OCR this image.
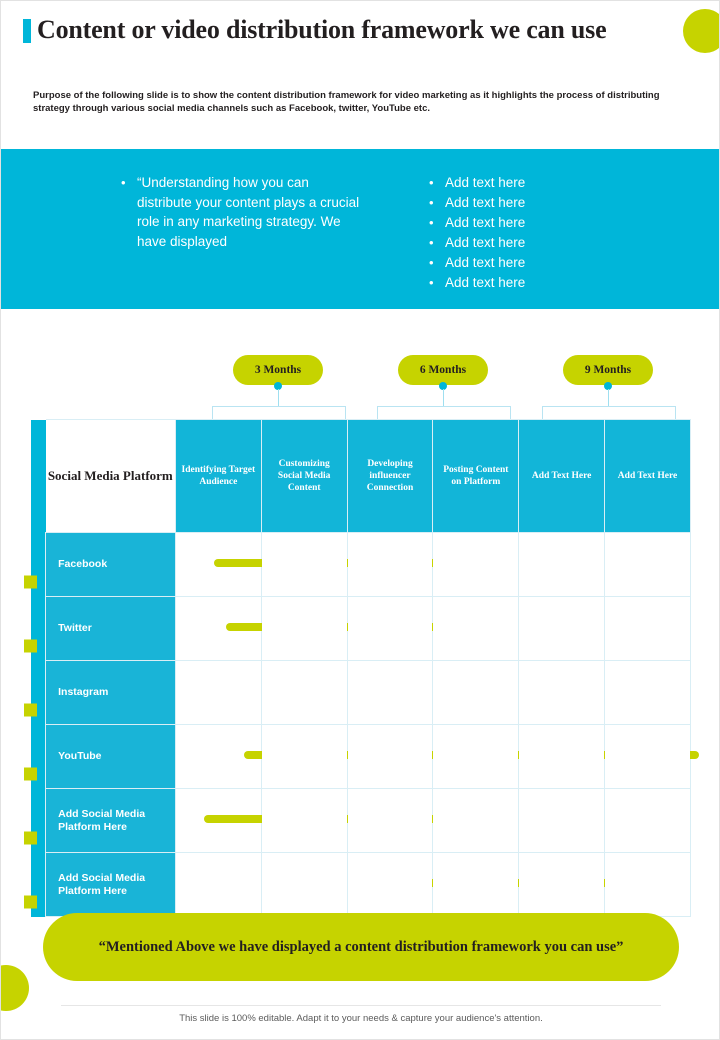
Content or video distribution framework we can use
Purpose of the following slide is to show the content distribution framework for video marketing as it highlights the process of distributing strategy through various social media channels such as Facebook, twitter, YouTube etc.
• “Understanding how you can distribute your content plays a crucial role in any marketing strategy. We have displayed
• Add text here
• Add text here
• Add text here
• Add text here
• Add text here
• Add text here
3 Months	6 Months	9 Months
	Social Media Platform	Identifying Target Audience	Customizing Social Media Content	Developing influencer Connection	Posting Content on Platform	Add Text Here	Add Text Here

	Facebook	

	Twitter	

	Instagram						

	YouTube	

	Add Social Media Platform Here	

	Add Social Media Platform Here	

“Mentioned Above we have displayed a content distribution framework you can use”
This slide is 100% editable. Adapt it to your needs & capture your audience's attention.
